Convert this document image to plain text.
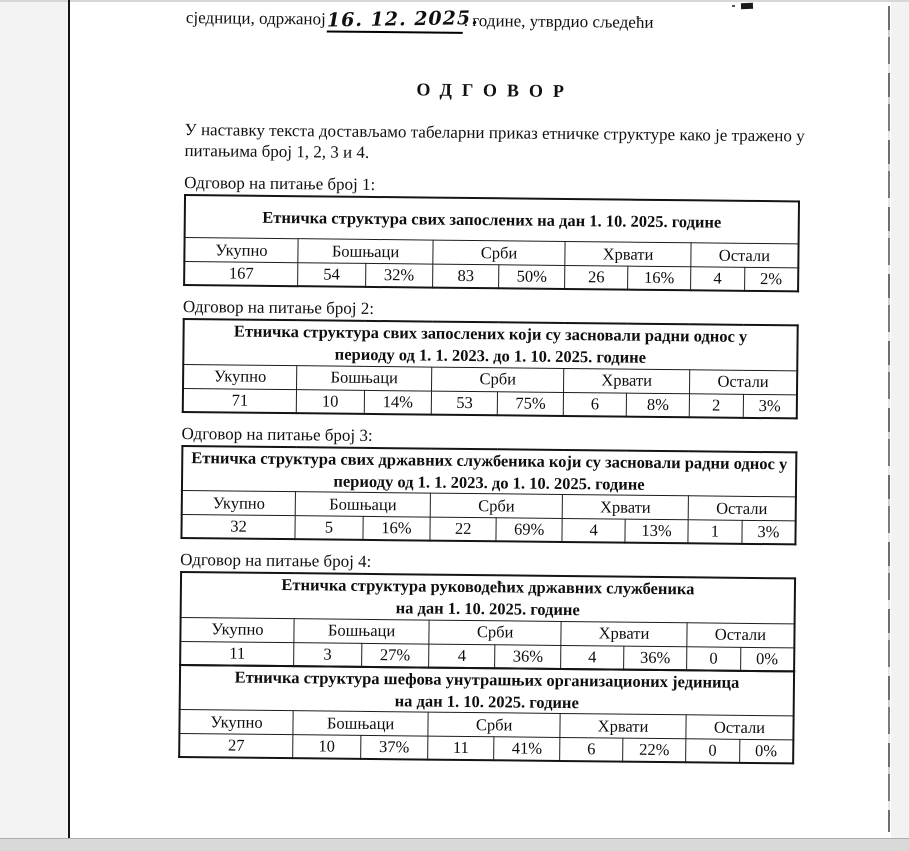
сједници, одржаној16. 12. 2025.. године, утврдио сљедећи
ОДГОВОР
У наставку текста достављамо табеларни приказ етничке структуре како је тражено у
питањима број 1, 2, 3 и 4.
Одговор на питање број 1:
Етничка структура свих запослених на дан 1. 10. 2025. године								

Укупно	Бошњаци		Срби		Хрвати		Остали	
167	54	32%	83	50%	26	16%	4	2%
Одговор на питање број 2:
Етничка структура свих запослених који су засновали радни однос у
периоду од 1. 1. 2023. до 1. 10. 2025. године								

Укупно	Бошњаци		Срби		Хрвати		Остали	
71	10	14%	53	75%	6	8%	2	3%
Одговор на питање број 3:
Етничка структура свих државних службеника који су засновали радни однос у
периоду од 1. 1. 2023. до 1. 10. 2025. године								

Укупно	Бошњаци		Срби		Хрвати		Остали	
32	5	16%	22	69%	4	13%	1	3%
Одговор на питање број 4:
Етничка структура руководећих државних службеника
на дан 1. 10. 2025. године								

Укупно	Бошњаци		Срби		Хрвати		Остали	
11	3	27%	4	36%	4	36%	0	0%
Етничка структура шефова унутрашњих организационих јединица
на дан 1. 10. 2025. године								

Укупно	Бошњаци		Срби		Хрвати		Остали	
27	10	37%	11	41%	6	22%	0	0%
